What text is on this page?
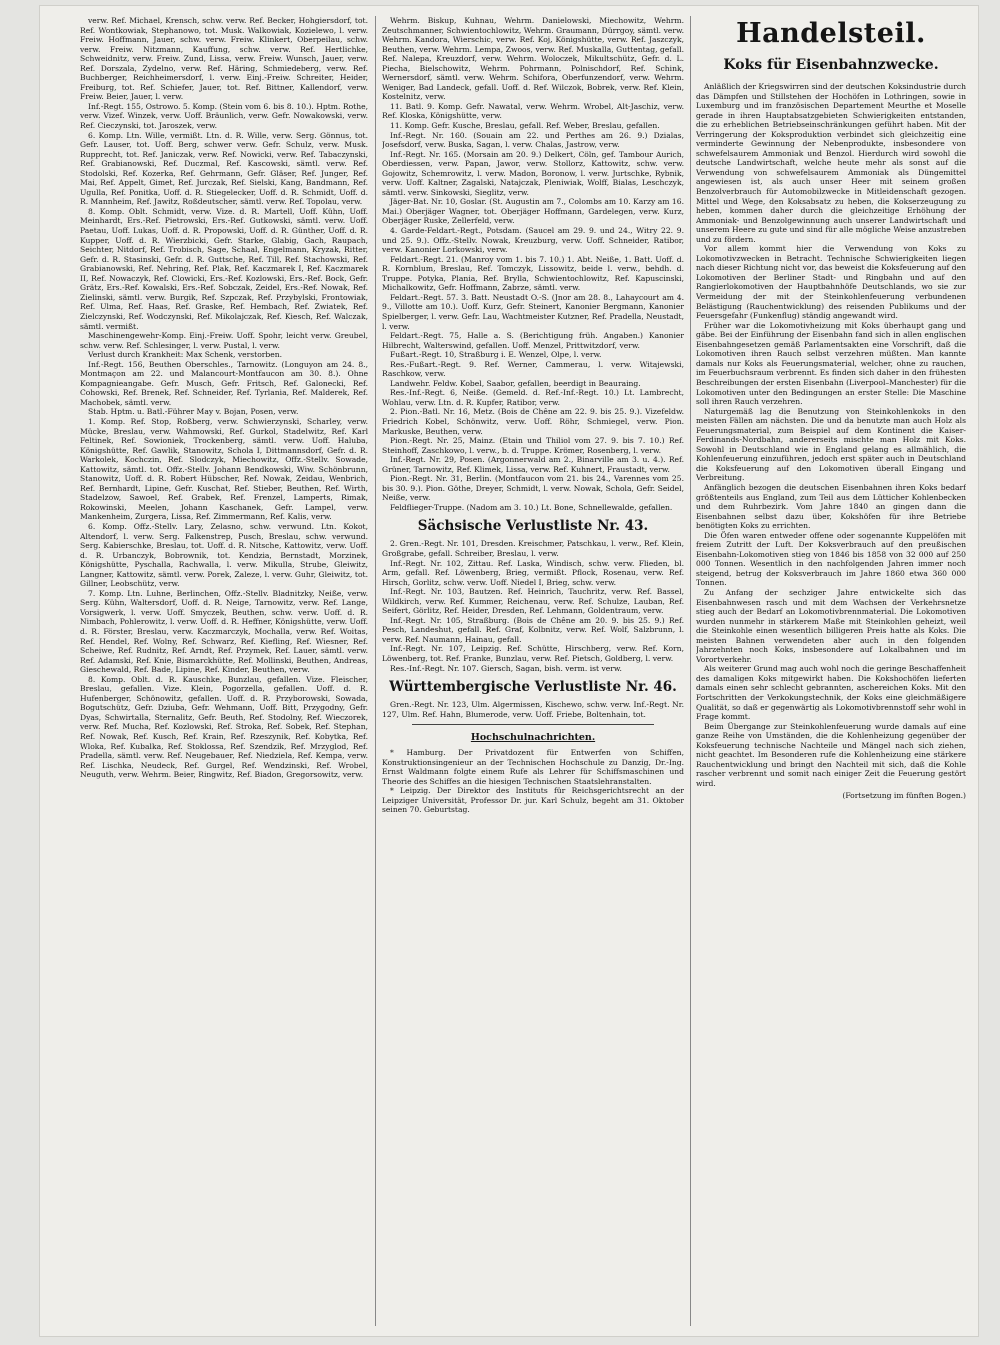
verw. Ref. Michael, Krensch, schw. verw. Ref. Becker, Hohgiersdorf, tot. Ref. Wontkowiak, Stephanowo, tot. Musk. Walkowiak, Kozielewo, l. verw. Freiw. Hoffmann, Jauer, schw. verw. Freiw. Klinkert, Oberpeilau, schw. verw. Freiw. Nitzmann, Kauffung, schw. verw. Ref. Hertlichke, Schweidnitz, verw. Freiw. Zund, Lissa, verw. Freiw. Wunsch, Jauer, verw. Ref. Dorszala, Zydelno, verw. Ref. Häring, Schmiedeberg, verw. Ref. Buchberger, Reichheimersdorf, l. verw. Einj.-Freiw. Schreiter, Heider, Freiburg, tot. Ref. Schiefer, Jauer, tot. Ref. Bittner, Kallendorf, verw. Freiw. Beier, Jauer, l. verw.

Inf.-Regt. 155, Ostrowo. 5. Komp. (Stein vom 6. bis 8. 10.). Hptm. Rothe, verw. Vizef. Winzek, verw. Uoff. Bräunlich, verw. Gefr. Nowakowski, verw. Ref. Cieczynski, tot. Jaroszek, verw.

6. Komp. Ltn. Wille, vermißt. Ltn. d. R. Wille, verw. Serg. Gönnus, tot. Gefr. Lauser, tot. Uoff. Berg, schwer verw. Gefr. Schulz, verw. Musk. Rupprecht, tot. Ref. Janiczak, verw. Ref. Nowicki, verw. Ref. Tabaczynski, Ref. Grabianowski, Ref. Duczmal, Ref. Kascowski, sämtl. verw. Ref. Stodolski, Ref. Kozerka, Ref. Gehrmann, Gefr. Gläser, Ref. Junger, Ref. Mai, Ref. Appelt, Gimet, Ref. Jurczak, Ref. Sielski, Kang, Bandmann, Ref. Ugulla, Ref. Ponitka, Uoff. d. R. Stiegelecker, Uoff. d. R. Schmidt, Uoff. d. R. Mannheim, Ref. Jawitz, Roßdeutscher, sämtl. verw. Ref. Topolau, verw.

8. Komp. Oblt. Schmidt, verw. Vize. d. R. Martell, Uoff. Kühn, Uoff. Meinhardt, Ers.-Ref. Pietrowski, Ers.-Ref. Gutkowski, sämtl. verw. Uoff. Paetau, Uoff. Lukas, Uoff. d. R. Propowski, Uoff. d. R. Günther, Uoff. d. R. Kupper, Uoff. d. R. Wierzbicki, Gefr. Starke, Glabig, Gach, Raupach, Seichter, Nitdorf, Ref. Trobisch, Sage, Schaal, Engelmann, Kryzak, Ritter, Gefr. d. R. Stasinski, Gefr. d. R. Guttsche, Ref. Till, Ref. Stachowski, Ref. Grabianowski, Ref. Nehring, Ref. Plak, Ref. Kaczmarek I, Ref. Kaczmarek II, Ref. Nowaczyk, Ref. Clowicki, Ers.-Ref. Kozlowski, Ers.-Ref. Bock, Gefr. Grätz, Ers.-Ref. Kowalski, Ers.-Ref. Sobczak, Zeidel, Ers.-Ref. Nowak, Ref. Zielinski, sämtl. verw. Burgik, Ref. Szpczak, Ref. Przybylski, Frontowiak, Ref. Ulma, Ref. Haas, Ref. Graske, Ref. Hembach, Ref. Zwiatek, Ref. Zielczynski, Ref. Wodczynski, Ref. Mikolajczak, Ref. Kiesch, Ref. Walczak, sämtl. vermißt.

Maschinengewehr-Komp. Einj.-Freiw. Uoff. Spohr, leicht verw. Greubel, schw. verw. Ref. Schlesinger, l. verw. Pustal, l. verw.

Verlust durch Krankheit: Max Schenk, verstorben.

Inf.-Regt. 156, Beuthen Oberschles., Tarnowitz. (Longuyon am 24. 8., Montmaçon am 22. und Malancourt-Montfaucon am 30. 8.). Ohne Kompagnieangabe. Gefr. Musch, Gefr. Fritsch, Ref. Galonecki, Ref. Cohowski, Ref. Brenek, Ref. Schneider, Ref. Tyrlania, Ref. Malderek, Ref. Machobek, sämtl. verw.

Stab. Hptm. u. Batl.-Führer May v. Bojan, Posen, verw.

1. Komp. Ref. Stop, Roßberg, verw. Schwierzynski, Scharley, verw. Mücke, Breslau, verw. Wahmowski, Ref. Gurkol, Stadelwitz, Ref. Karl Feltinek, Ref. Sowioniek, Trockenberg, sämtl. verw. Uoff. Haluba, Königshütte, Ref. Gawlik, Stanowitz, Schola I, Dittmannsdorf, Gefr. d. R. Warkolek, Kochczin, Ref. Slodczyk, Miechowitz, Offz.-Stellv. Sowade, Kattowitz, sämtl. tot. Offz.-Stellv. Johann Bendkowski, Wiw. Schönbrunn, Stanowitz, Uoff. d. R. Robert Hübscher, Ref. Nowak, Zeidau, Wenbrich, Ref. Bernhardt, Lipine, Gefr. Kuschat, Ref. Stieber, Beuthen, Ref. Wirth, Stadelzow, Sawoel, Ref. Grabek, Ref. Frenzel, Lamperts, Rimak, Rokowinski, Meelen, Johann Kaschanek, Gefr. Lampel, verw. Mankenheim, Zurgera, Lissa, Ref. Zimmermann, Ref. Kalis, verw.

6. Komp. Offz.-Stellv. Lary, Zelasno, schw. verwund. Ltn. Kokot, Altendorf, l. verw. Serg. Falkenstrep, Pusch, Breslau, schw. verwund. Serg. Kabierschke, Breslau, tot. Uoff. d. R. Nitsche, Kattowitz, verw. Uoff. d. R. Urbanczyk, Bobrownik, tot. Kendzia, Bernstadt, Morzinek, Königshütte, Pyschalla, Rachwalla, l. verw. Mikulla, Strube, Gleiwitz, Langner, Kattowitz, sämtl. verw. Porek, Zaleze, l. verw. Guhr, Gleiwitz, tot. Gillner, Leobschütz, verw.

7. Komp. Ltn. Luhne, Berlinchen, Offz.-Stellv. Bladnitzky, Neiße, verw. Serg. Kühn, Waltersdorf, Uoff. d. R. Neige, Tarnowitz, verw. Ref. Lange, Vorsigwerk, l. verw. Uoff. Smyczek, Beuthen, schw. verw. Uoff. d. R. Nimbach, Pohlerowitz, l. verw. Uoff. d. R. Heffner, Königshütte, verw. Uoff. d. R. Förster, Breslau, verw. Kaczmarczyk, Mochalla, verw. Ref. Woitas, Ref. Hendel, Ref. Wolny, Ref. Schwarz, Ref. Kiefling, Ref. Wiesner, Ref. Scheiwe, Ref. Rudnitz, Ref. Arndt, Ref. Przymek, Ref. Lauer, sämtl. verw. Ref. Adamski, Ref. Knie, Bismarckhütte, Ref. Mollinski, Beuthen, Andreas, Gieschewald, Ref. Bade, Lipine, Ref. Kinder, Beuthen, verw.

8. Komp. Oblt. d. R. Kauschke, Bunzlau, gefallen. Vize. Fleischer, Breslau, gefallen. Vize. Klein, Pogorzella, gefallen. Uoff. d. R. Hufenberger, Schönowitz, gefallen. Uoff. d. R. Przyborowski, Sowada, Bogutschütz, Gefr. Dziuba, Gefr. Wehmann, Uoff. Bitt, Przygodny, Gefr. Dyas, Schwirtalla, Sternalitz, Gefr. Beuth, Ref. Stodolny, Ref. Wieczorek, verw. Ref. Mucha, Ref. Kozlowski, Ref. Stroka, Ref. Sobek, Ref. Stephan, Ref. Nowak, Ref. Kusch, Ref. Krain, Ref. Rzeszynik, Ref. Kobytka, Ref. Wloka, Ref. Kubalka, Ref. Stoklossa, Ref. Szendzik, Ref. Mrzyglod, Ref. Pradella, sämtl. verw. Ref. Neugebauer, Ref. Niedziela, Ref. Kempa, verw. Ref. Lischka, Neudeck, Ref. Gurgel, Ref. Wendzinski, Ref. Wrobel, Neuguth, verw. Wehrm. Beier, Ringwitz, Ref. Biadon, Gregorsowitz, verw.

Wehrm. Biskup, Kuhnau, Wehrm. Danielowski, Miechowitz, Wehrm. Zeutschmanner, Schwientochlowitz, Wehrm. Graumann, Dürrgoy, sämtl. verw. Wehrm. Kandora, Wierschic, verw. Ref. Koj, Königshütte, verw. Ref. Jaszczyk, Beuthen, verw. Wehrm. Lempa, Zwoos, verw. Ref. Muskalla, Guttentag, gefall. Ref. Nalepa, Kreuzdorf, verw. Wehrm. Woloczek, Mikultschütz, Gefr. d. L. Piecha, Bielschowitz, Wehrm. Pohrmann, Polnischdorf, Ref. Schink, Wernersdorf, sämtl. verw. Wehrm. Schifora, Oberfunzendorf, verw. Wehrm. Weniger, Bad Landeck, gefall. Uoff. d. Ref. Wilczok, Bobrek, verw. Ref. Klein, Kostelnitz, verw.

11. Batl. 9. Komp. Gefr. Nawatal, verw. Wehrm. Wrobel, Alt-Jaschiz, verw. Ref. Kloska, Königshütte, verw.

11. Komp. Gefr. Kusche, Breslau, gefall. Ref. Weber, Breslau, gefallen.

Inf.-Regt. Nr. 160. (Souain am 22. und Perthes am 26. 9.) Dzialas, Josefsdorf, verw. Buska, Sagan, l. verw. Chalas, Jastrow, verw.

Inf.-Regt. Nr. 165. (Morsain am 20. 9.) Delkert, Cöln, gef. Tambour Aurich, Oberdiessen, verw. Papan, Jawor, verw. Stollorz, Kattowitz, schw. verw. Gojowitz, Schemrowitz, l. verw. Madon, Boronow, l. verw. Jurtschke, Rybnik, verw. Uoff. Kaltner, Zagalski, Natajczak, Pleniwiak, Wolff, Bialas, Leschczyk, sämtl. verw. Sinkowski, Sieglitz, verw.

Jäger-Bat. Nr. 10, Goslar. (St. Augustin am 7., Colombs am 10. Karzy am 16. Mai.) Oberjäger Wagner, tot. Oberjäger Hoffmann, Gardelegen, verw. Kurz, Oberjäger Ruske, Zellerfeld, verw.

4. Garde-Feldart.-Regt., Potsdam. (Saucel am 29. 9. und 24., Witry 22. 9. und 25. 9.). Offz.-Stellv. Nowak, Kreuzburg, verw. Uoff. Schneider, Ratibor, verw. Kanonier Lorkowski, verw.

Feldart.-Regt. 21. (Manroy vom 1. bis 7. 10.) 1. Abt. Neiße, 1. Batt. Uoff. d. R. Kornblum, Breslau, Ref. Tomczyk, Lissowitz, beide l. verw., behdh. d. Truppe. Potyka, Plania, Ref. Brylla, Schwientochlowitz, Ref. Kapuscinski, Michalkowitz, Gefr. Hoffmann, Zabrze, sämtl. verw.

Feldart.-Regt. 57. 3. Batt. Neustadt O.-S. (Jnor am 28. 8., Lahaycourt am 4. 9., Villotte am 10.). Uoff. Kurz, Gefr. Steinert, Kanonier Bergmann, Kanonier Spielberger, l. verw. Gefr. Lau, Wachtmeister Kutzner, Ref. Pradella, Neustadt, l. verw.

Feldart.-Regt. 75, Halle a. S. (Berichtigung früh. Angaben.) Kanonier Hilbrecht, Walterswind, gefallen. Uoff. Menzel, Prittwitzdorf, verw.

Fußart.-Regt. 10, Straßburg i. E. Wenzel, Olpe, l. verw.

Res.-Fußart.-Regt. 9. Ref. Werner, Cammerau, l. verw. Witajewski, Raschkow, verw.

Landwehr. Feldw. Kobel, Saabor, gefallen, beerdigt in Beauraing.

Res.-Inf.-Regt. 6, Neiße. (Gemeld. d. Ref.-Inf.-Regt. 10.) Lt. Lambrecht, Wohlau, verw. Ltn. d. R. Kupfer, Ratibor, verw.

2. Pion.-Batl. Nr. 16, Metz. (Bois de Chêne am 22. 9. bis 25. 9.). Vizefeldw. Friedrich Kobel, Schönwitz, verw. Uoff. Röhr, Schmiegel, verw. Pion. Markuske, Beuthen, verw.

Pion.-Regt. Nr. 25, Mainz. (Etain und Thiliol vom 27. 9. bis 7. 10.) Ref. Steinhoff, Zaschkowo, l. verw., b. d. Truppe. Krömer, Rosenberg, l. verw.

Inf.-Regt. Nr. 29, Posen. (Argonnerwald am 2., Binarville am 3. u. 4.). Ref. Grüner, Tarnowitz, Ref. Klimek, Lissa, verw. Ref. Kuhnert, Fraustadt, verw.

Pion.-Regt. Nr. 31, Berlin. (Montfaucon vom 21. bis 24., Varennes vom 25. bis 30. 9.). Pion. Göthe, Dreyer, Schmidt, l. verw. Nowak, Schola, Gefr. Seidel, Neiße, verw.

Feldflieger-Truppe. (Nadom am 3. 10.) Lt. Bone, Schnellewalde, gefallen.

Sächsische Verlustliste Nr. 43.

2. Gren.-Regt. Nr. 101, Dresden. Kreischmer, Patschkau, l. verw., Ref. Klein, Großgrabe, gefall. Schreiber, Breslau, l. verw.

Inf.-Regt. Nr. 102, Zittau. Ref. Laska, Windisch, schw. verw. Flieden, bl. Arm, gefall. Ref. Löwenberg, Brieg, vermißt. Pflock, Rosenau, verw. Ref. Hirsch, Gorlitz, schw. verw. Uoff. Niedel I, Brieg, schw. verw.

Inf.-Regt. Nr. 103, Bautzen. Ref. Heinrich, Tauchritz, verw. Ref. Bassel, Wildkirch, verw. Ref. Kummer, Reichenau, verw. Ref. Schulze, Lauban, Ref. Seifert, Görlitz, Ref. Heider, Dresden, Ref. Lehmann, Goldentraum, verw.

Inf.-Regt. Nr. 105, Straßburg. (Bois de Chêne am 20. 9. bis 25. 9.) Ref. Pesch, Landeshut, gefall. Ref. Graf, Kolbnitz, verw. Ref. Wolf, Salzbrunn, l. verw. Ref. Naumann, Hainau, gefall.

Inf.-Regt. Nr. 107, Leipzig. Ref. Schütte, Hirschberg, verw. Ref. Korn, Löwenberg, tot. Ref. Franke, Bunzlau, verw. Ref. Pietsch, Goldberg, l. verw.

Res.-Inf.-Regt. Nr. 107. Giersch, Sagan, bish. verm. ist verw.

Württembergische Verlustliste Nr. 46.

Gren.-Regt. Nr. 123, Ulm. Algermissen, Kischewo, schw. verw. Inf.-Regt. Nr. 127, Ulm. Ref. Hahn, Blumerode, verw. Uoff. Friebe, Boltenhain, tot.

Hochschulnachrichten.

* Hamburg. Der Privatdozent für Entwerfen von Schiffen, Konstruktionsingenieur an der Technischen Hochschule zu Danzig, Dr.-Ing. Ernst Waldmann folgte einem Rufe als Lehrer für Schiffsmaschinen und Theorie des Schiffes an die hiesigen Technischen Staatslehranstalten.

* Leipzig. Der Direktor des Instituts für Reichsgerichtsrecht an der Leipziger Universität, Professor Dr. jur. Karl Schulz, begeht am 31. Oktober seinen 70. Geburtstag.

Handelsteil.
Koks für Eisenbahnzwecke.

Anläßlich der Kriegswirren sind der deutschen Koksindustrie durch das Dämpfen und Stillstehen der Hochöfen in Lothringen, sowie in Luxemburg und im französischen Departement Meurthe et Moselle gerade in ihren Hauptabsatzgebieten Schwierigkeiten entstanden, die zu erheblichen Betriebseinschränkungen geführt haben. Mit der Verringerung der Koksproduktion verbindet sich gleichzeitig eine verminderte Gewinnung der Nebenprodukte, insbesondere von schwefelsaurem Ammoniak und Benzol. Hierdurch wird sowohl die deutsche Landwirtschaft, welche heute mehr als sonst auf die Verwendung von schwefelsaurem Ammoniak als Düngemittel angewiesen ist, als auch unser Heer mit seinem großen Benzolverbrauch für Automobilzwecke in Mitleidenschaft gezogen. Mittel und Wege, den Koksabsatz zu heben, die Kokserzeugung zu heben, kommen daher durch die gleichzeitige Erhöhung der Ammoniak- und Benzolgewinnung auch unserer Landwirtschaft und unserem Heere zu gute und sind für alle mögliche Weise anzustreben und zu fördern.

Vor allem kommt hier die Verwendung von Koks zu Lokomotivzwecken in Betracht. Technische Schwierigkeiten liegen nach dieser Richtung nicht vor, das beweist die Koksfeuerung auf den Lokomotiven der Berliner Stadt- und Ringbahn und auf den Rangierlokomotiven der Hauptbahnhöfe Deutschlands, wo sie zur Vermeidung der mit der Steinkohlenfeuerung verbundenen Belästigung (Rauchentwicklung) des reisenden Publikums und der Feuersgefahr (Funkenflug) ständig angewandt wird.

Früher war die Lokomotivheizung mit Koks überhaupt gang und gäbe. Bei der Einführung der Eisenbahn fand sich in allen englischen Eisenbahngesetzen gemäß Parlamentsakten eine Vorschrift, daß die Lokomotiven ihren Rauch selbst verzehren müßten. Man kannte damals nur Koks als Feuerungsmaterial, welcher, ohne zu rauchen, im Feuerbuchsraum verbrennt. Es finden sich daher in den frühesten Beschreibungen der ersten Eisenbahn (Liverpool–Manchester) für die Lokomotiven unter den Bedingungen an erster Stelle: Die Maschine soll ihren Rauch verzehren.

Naturgemäß lag die Benutzung von Steinkohlenkoks in den meisten Fällen am nächsten. Die und da benutzte man auch Holz als Feuerungsmaterial, zum Beispiel auf dem Kontinent die Kaiser-Ferdinands-Nordbahn, andererseits mischte man Holz mit Koks. Sowohl in Deutschland wie in England gelang es allmählich, die Kohlenfeuerung einzuführen, jedoch erst später auch in Deutschland die Koksfeuerung auf den Lokomotiven überall Eingang und Verbreitung.

Anfänglich bezogen die deutschen Eisenbahnen ihren Koks bedarf größtenteils aus England, zum Teil aus dem Lütticher Kohlenbecken und dem Ruhrbezirk. Vom Jahre 1840 an gingen dann die Eisenbahnen selbst dazu über, Kokshöfen für ihre Betriebe benötigten Koks zu errichten.

Die Öfen waren entweder offene oder sogenannte Kuppelöfen mit freiem Zutritt der Luft. Der Koksverbrauch auf den preußischen Eisenbahn-Lokomotiven stieg von 1846 bis 1858 von 32 000 auf 250 000 Tonnen. Wesentlich in den nachfolgenden Jahren immer noch steigend, betrug der Koksverbrauch im Jahre 1860 etwa 360 000 Tonnen.

Zu Anfang der sechziger Jahre entwickelte sich das Eisenbahnwesen rasch und mit dem Wachsen der Verkehrsnetze stieg auch der Bedarf an Lokomotivbrennmaterial. Die Lokomotiven wurden nunmehr in stärkerem Maße mit Steinkohlen geheizt, weil die Steinkohle einen wesentlich billigeren Preis hatte als Koks. Die meisten Bahnen verwendeten aber auch in den folgenden Jahrzehnten noch Koks, insbesondere auf Lokalbahnen und im Vorortverkehr.

Als weiterer Grund mag auch wohl noch die geringe Beschaffenheit des damaligen Koks mitgewirkt haben. Die Kokshochöfen lieferten damals einen sehr schlecht gebrannten, aschereichen Koks. Mit den Fortschritten der Verkokungstechnik, der Koks eine gleichmäßigere Qualität, so daß er gegenwärtig als Lokomotivbrennstoff sehr wohl in Frage kommt.

Beim Übergange zur Steinkohlenfeuerung wurde damals auf eine ganze Reihe von Umständen, die die Kohlenheizung gegenüber der Koksfeuerung technische Nachteile und Mängel nach sich ziehen, nicht geachtet. Im Besonderen rufe die Kohlenheizung eine stärkere Rauchentwicklung und bringt den Nachteil mit sich, daß die Kohle rascher verbrennt und somit nach einiger Zeit die Feuerung gestört wird.

(Fortsetzung im fünften Bogen.)
